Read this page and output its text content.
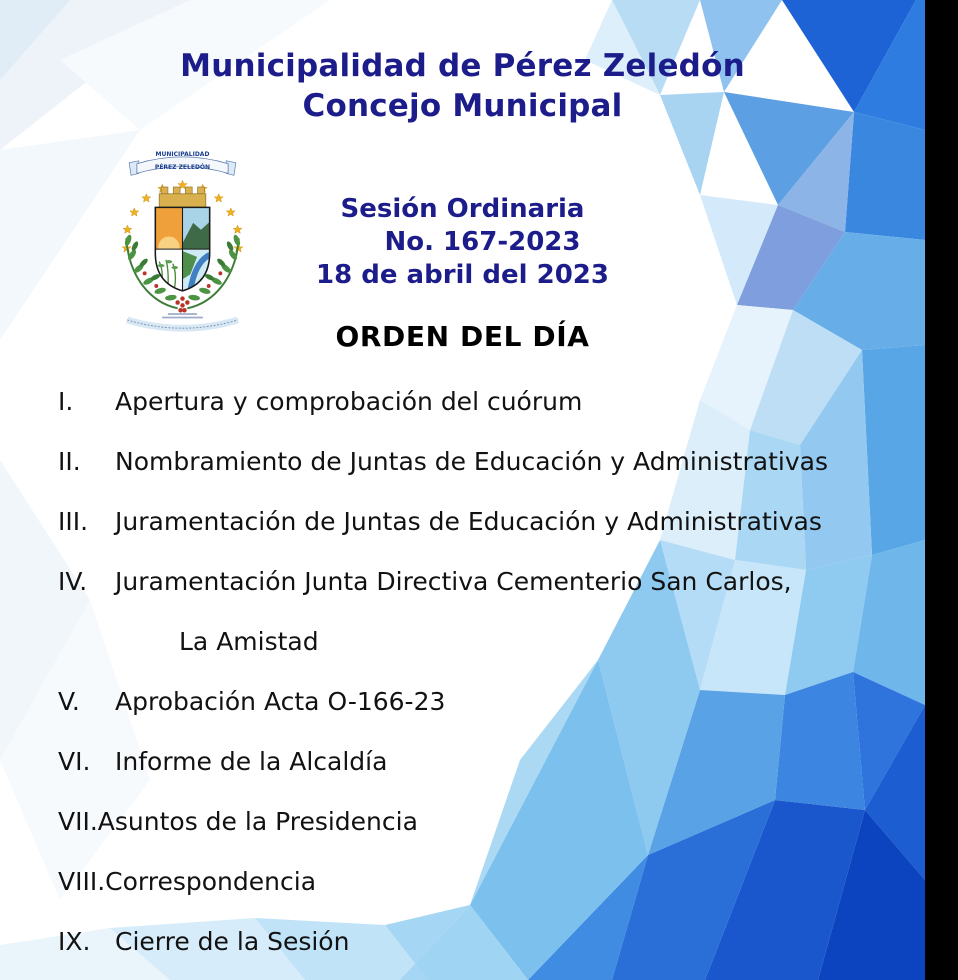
Municipalidad de Pérez Zeledón
Concejo Municipal
MUNICIPALIDAD
PÉREZ ZELEDÓN
Sesión Ordinaria
No. 167-2023
18 de abril del 2023
ORDEN DEL DÍA
I.	Apertura y comprobación del cuórum
II.	Nombramiento de Juntas de Educación y Administrativas
III.	Juramentación de Juntas de Educación y Administrativas
IV.	Juramentación Junta Directiva Cementerio San Carlos,
La Amistad
V.	Aprobación Acta O-166-23
VI. Informe de la Alcaldía
VII. Asuntos de la Presidencia
VIII. Correspondencia
IX. Cierre de la Sesión
